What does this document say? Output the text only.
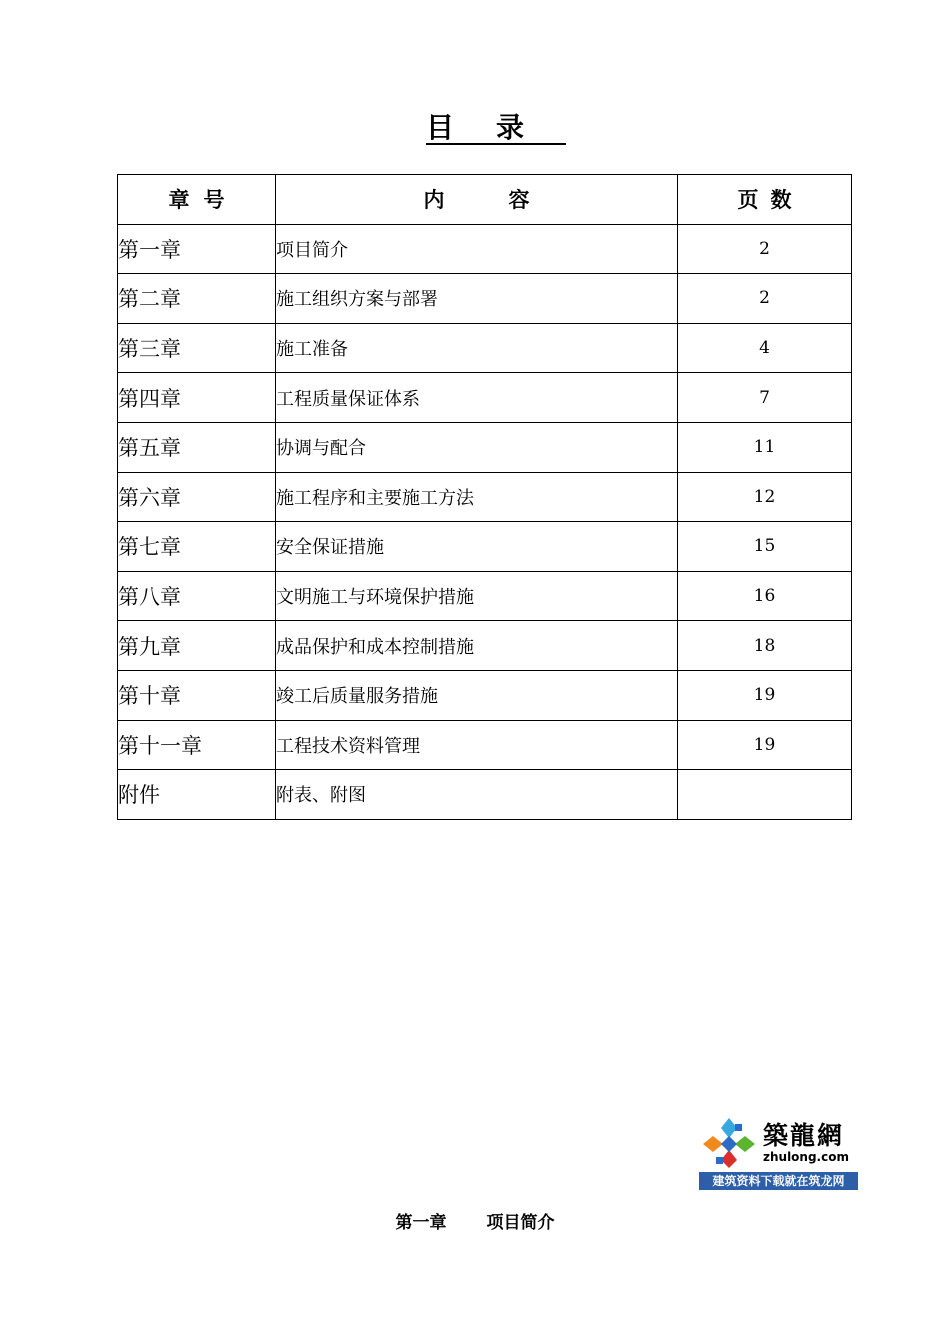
目录
章号	内容	页数
第一章	项目简介	2
第二章	施工组织方案与部署	2
第三章	施工准备	4
第四章	工程质量保证体系	7
第五章	协调与配合	11
第六章	施工程序和主要施工方法	12
第七章	安全保证措施	15
第八章	文明施工与环境保护措施	16
第九章	成品保护和成本控制措施	18
第十章	竣工后质量服务措施	19
第十一章	工程技术资料管理	19
附件	附表、附图	
築龍網
zhulong.com
建筑资料下载就在筑龙网
第一章 项目简介
